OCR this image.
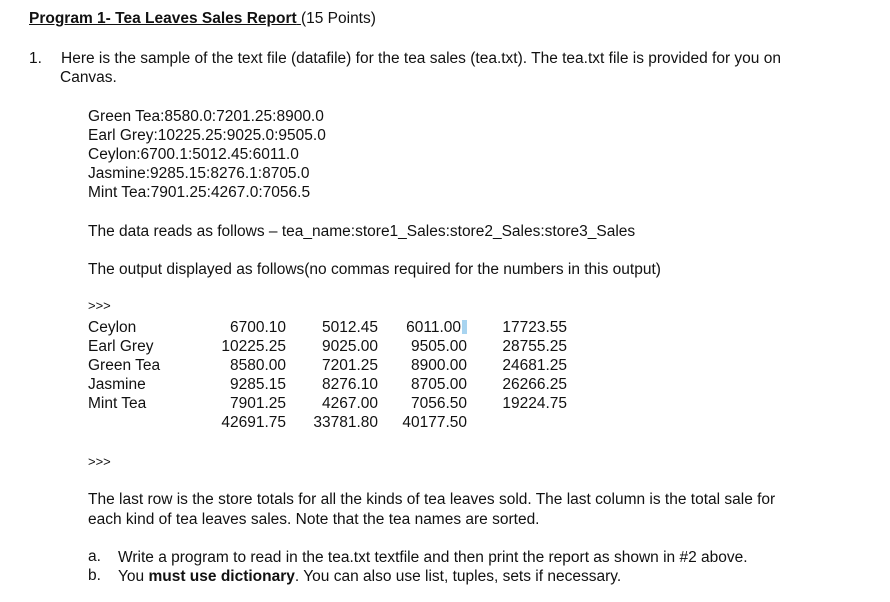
Program 1- Tea Leaves Sales Report (15 Points)
1. Here is the sample of the text file (datafile) for the tea sales (tea.txt). The tea.txt file is provided for you on
Canvas.
Green Tea:8580.0:7201.25:8900.0
Earl Grey:10225.25:9025.0:9505.0
Ceylon:6700.1:5012.45:6011.0
Jasmine:9285.15:8276.1:8705.0
Mint Tea:7901.25:4267.0:7056.5
The data reads as follows – tea_name:store1_Sales:store2_Sales:store3_Sales
The output displayed as follows(no commas required for the numbers in this output)
>>>
Ceylon
Earl Grey
Green Tea
Jasmine
Mint Tea
6700.10
10225.25
8580.00
9285.15
7901.25
42691.75
5012.45
9025.00
7201.25
8276.10
4267.00
33781.80
6011.00
9505.00
8900.00
8705.00
7056.50
40177.50
17723.55
28755.25
24681.25
26266.25
19224.75
>>>
The last row is the store totals for all the kinds of tea leaves sold. The last column is the total sale for
each kind of tea leaves sales. Note that the tea names are sorted.
a. Write a program to read in the tea.txt textfile and then print the report as shown in #2 above.
b. You must use dictionary. You can also use list, tuples, sets if necessary.
